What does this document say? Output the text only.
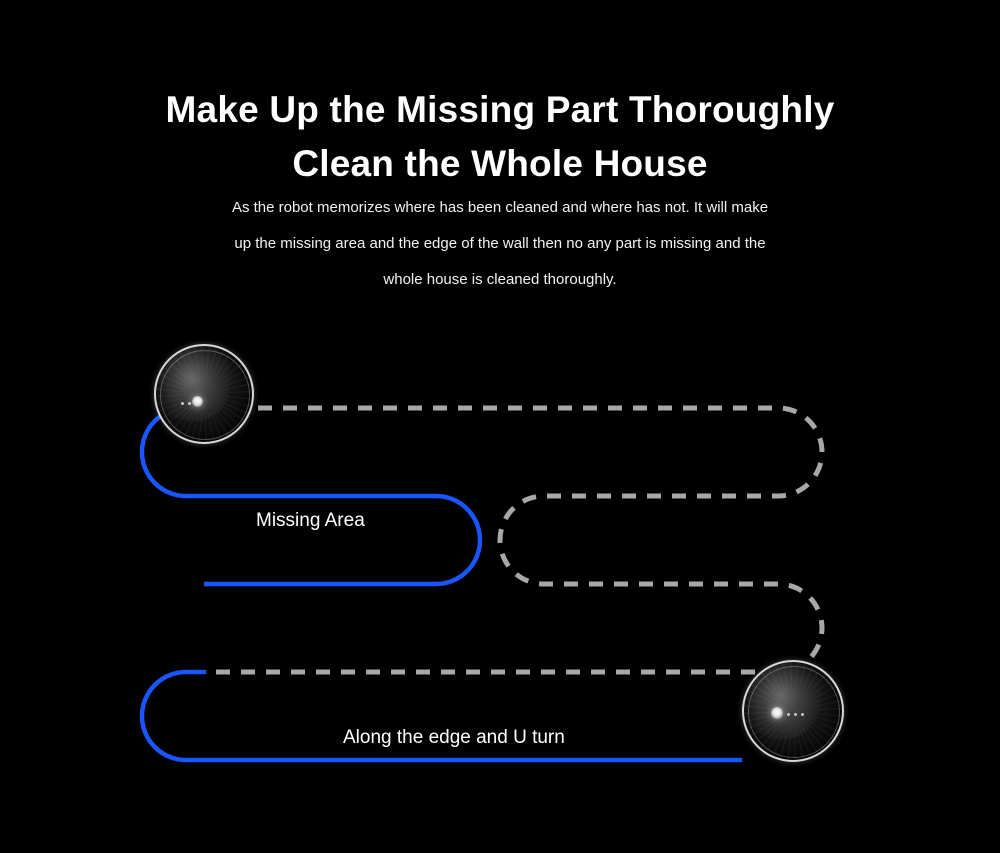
Make Up the Missing Part Thoroughly
Clean the Whole House
As the robot memorizes where has been cleaned and where has not. It will make
up the missing area and the edge of the wall then no any part is missing and the
whole house is cleaned thoroughly.
Missing Area
Along the edge and U turn
